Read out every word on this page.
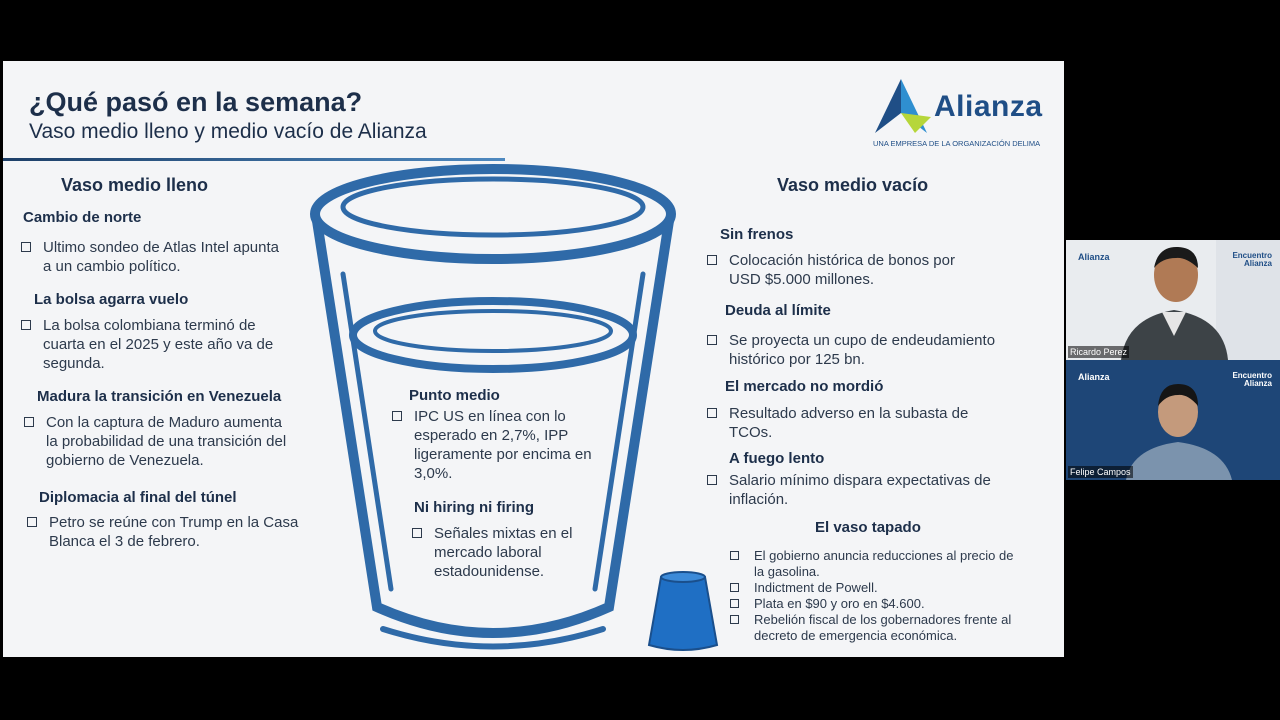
¿Qué pasó en la semana?
Vaso medio lleno y medio vacío de Alianza
Alianza
UNA EMPRESA DE LA ORGANIZACIÓN DELIMA
Vaso medio lleno
Cambio de norte
Ultimo sondeo de Atlas Intel apunta
a un cambio político.
La bolsa agarra vuelo
La bolsa colombiana terminó de
cuarta en el 2025 y este año va de
segunda.
Madura la transición en Venezuela
Con la captura de Maduro aumenta
la probabilidad de una transición del
gobierno de Venezuela.
Diplomacia al final del túnel
Petro se reúne con Trump en la Casa
Blanca el 3 de febrero.
Punto medio
IPC US en línea con lo
esperado en 2,7%, IPP
ligeramente por encima en
3,0%.
Ni hiring ni firing
Señales mixtas en el
mercado laboral
estadounidense.
Vaso medio vacío
Sin frenos
Colocación histórica de bonos por
USD $5.000 millones.
Deuda al límite
Se proyecta un cupo de endeudamiento
histórico por 125 bn.
El mercado no mordió
Resultado adverso en la subasta de
TCOs.
A fuego lento
Salario mínimo dispara expectativas de
inflación.
El vaso tapado
El gobierno anuncia reducciones al precio de
la gasolina.
Indictment de Powell.
Plata en $90 y oro en $4.600.
Rebelión fiscal de los gobernadores frente al
decreto de emergencia económica.
Alianza	Encuentro
Alianza
Ricardo Perez
Alianza	Encuentro
Alianza
Felipe Campos
